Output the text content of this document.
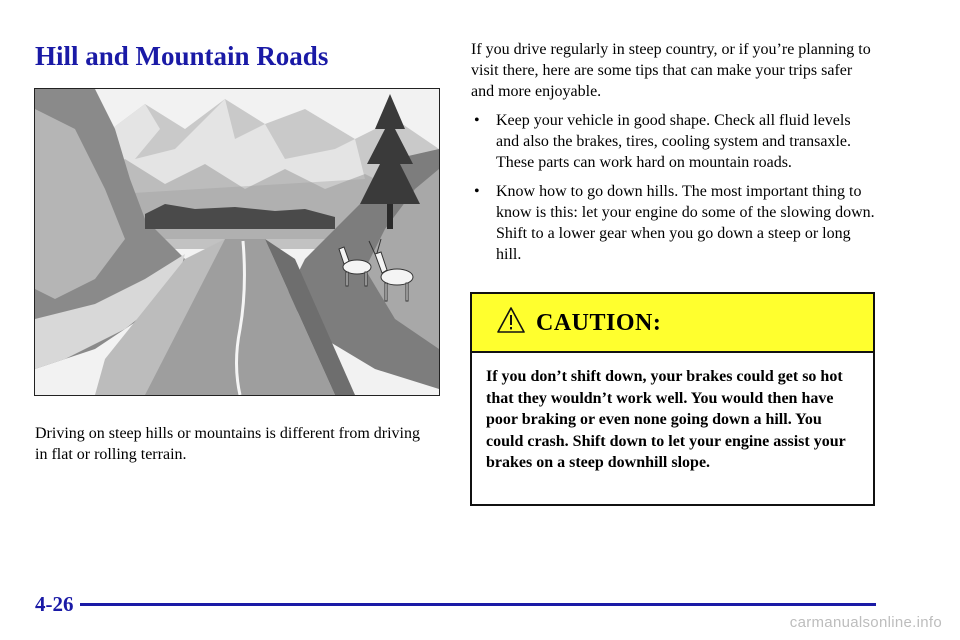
Hill and Mountain Roads

Driving on steep hills or mountains is different from driving in flat or rolling terrain.

If you drive regularly in steep country, or if you’re planning to visit there, here are some tips that can make your trips safer and more enjoyable.

• Keep your vehicle in good shape. Check all fluid levels and also the brakes, tires, cooling system and transaxle. These parts can work hard on mountain roads.
• Know how to go down hills. The most important thing to know is this: let your engine do some of the slowing down. Shift to a lower gear when you go down a steep or long hill.
CAUTION:
If you don’t shift down, your brakes could get so hot that they wouldn’t work well. You would then have poor braking or even none going down a hill. You could crash. Shift down to let your engine assist your brakes on a steep downhill slope.
4-26
carmanualsonline.info
